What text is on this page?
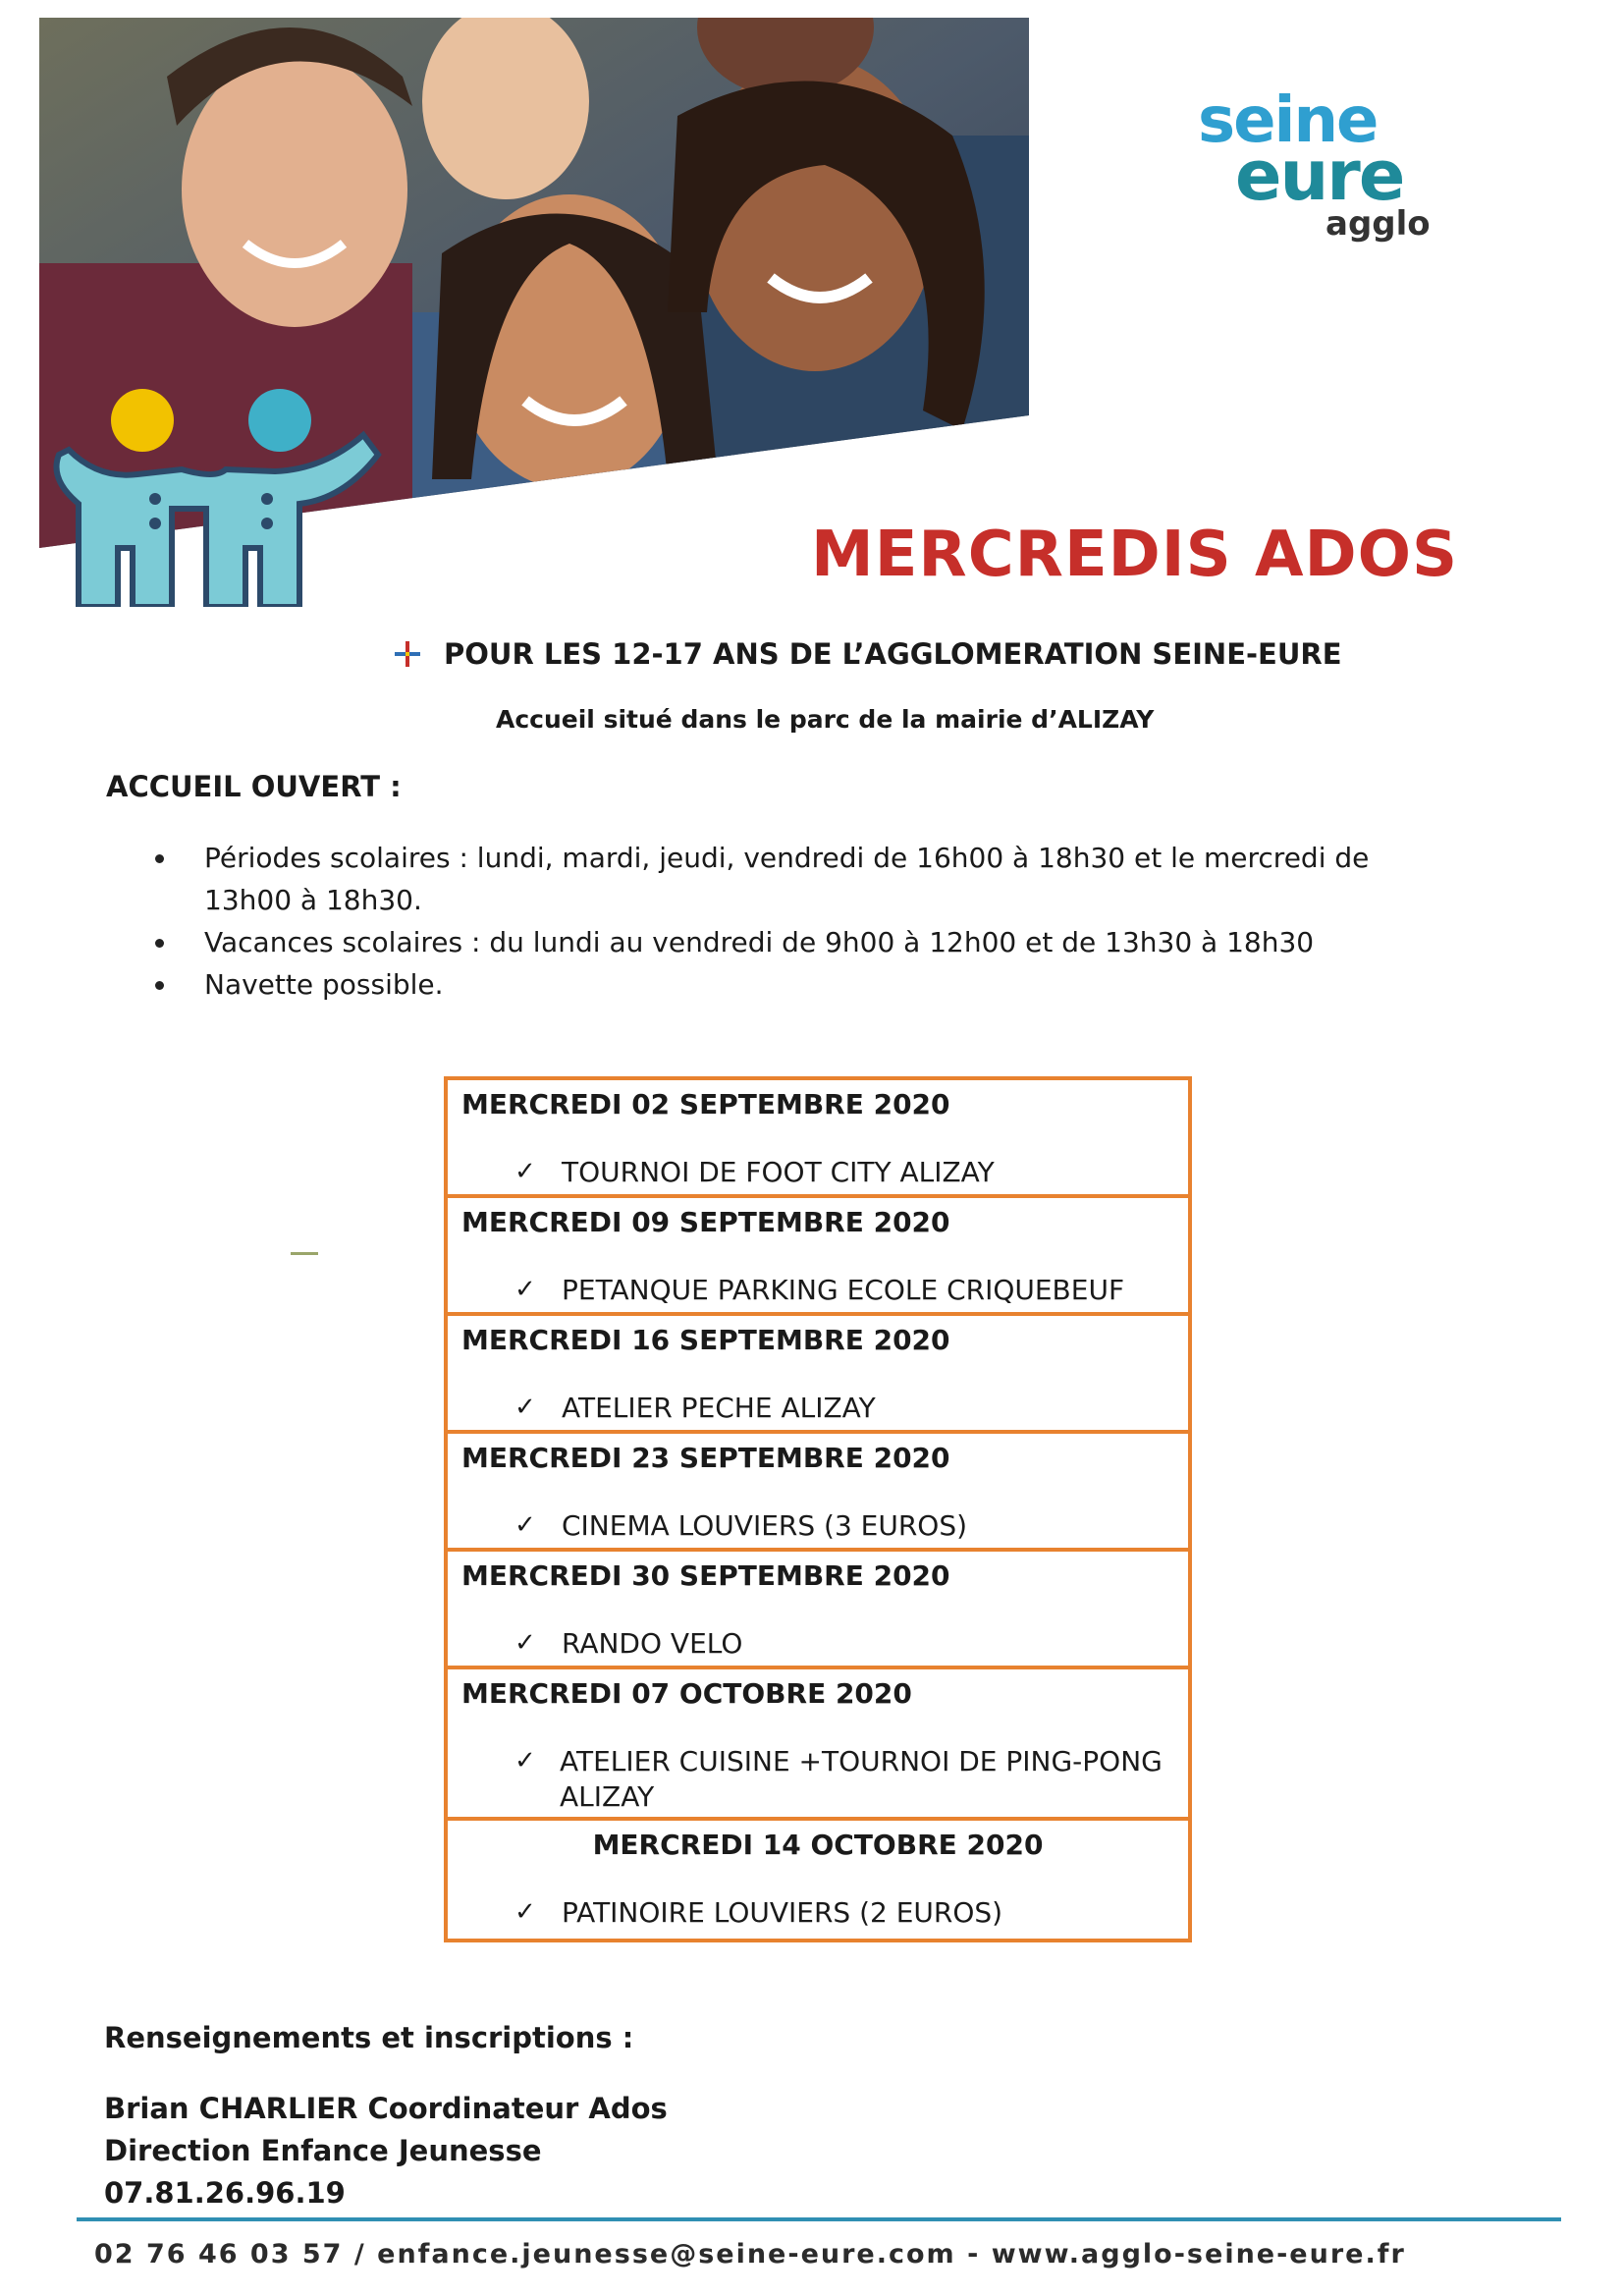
seine
eure
agglo
MERCREDIS ADOS
POUR LES 12-17 ANS DE L’AGGLOMERATION SEINE-EURE
Accueil situé dans le parc de la mairie d’ALIZAY
ACCUEIL OUVERT :
Périodes scolaires : lundi, mardi, jeudi, vendredi de 16h00 à 18h30 et le mercredi de 13h00 à 18h30.
Vacances scolaires : du lundi au vendredi de 9h00 à 12h00 et de 13h30 à 18h30
Navette possible.
MERCREDI 02 SEPTEMBRE 2020
✓ TOURNOI DE FOOT CITY ALIZAY
MERCREDI 09 SEPTEMBRE 2020
✓ PETANQUE PARKING ECOLE CRIQUEBEUF
MERCREDI 16 SEPTEMBRE 2020
✓ ATELIER PECHE ALIZAY
MERCREDI 23 SEPTEMBRE 2020
✓ CINEMA LOUVIERS (3 EUROS)
MERCREDI 30 SEPTEMBRE 2020
✓ RANDO VELO
MERCREDI 07 OCTOBRE 2020
✓ ATELIER CUISINE +TOURNOI DE PING-PONG ALIZAY
MERCREDI 14 OCTOBRE 2020
✓ PATINOIRE LOUVIERS (2 EUROS)
Renseignements et inscriptions :
Brian CHARLIER Coordinateur Ados
Direction Enfance Jeunesse
07.81.26.96.19
02 76 46 03 57 / enfance.jeunesse@seine-eure.com - www.agglo-seine-eure.fr
